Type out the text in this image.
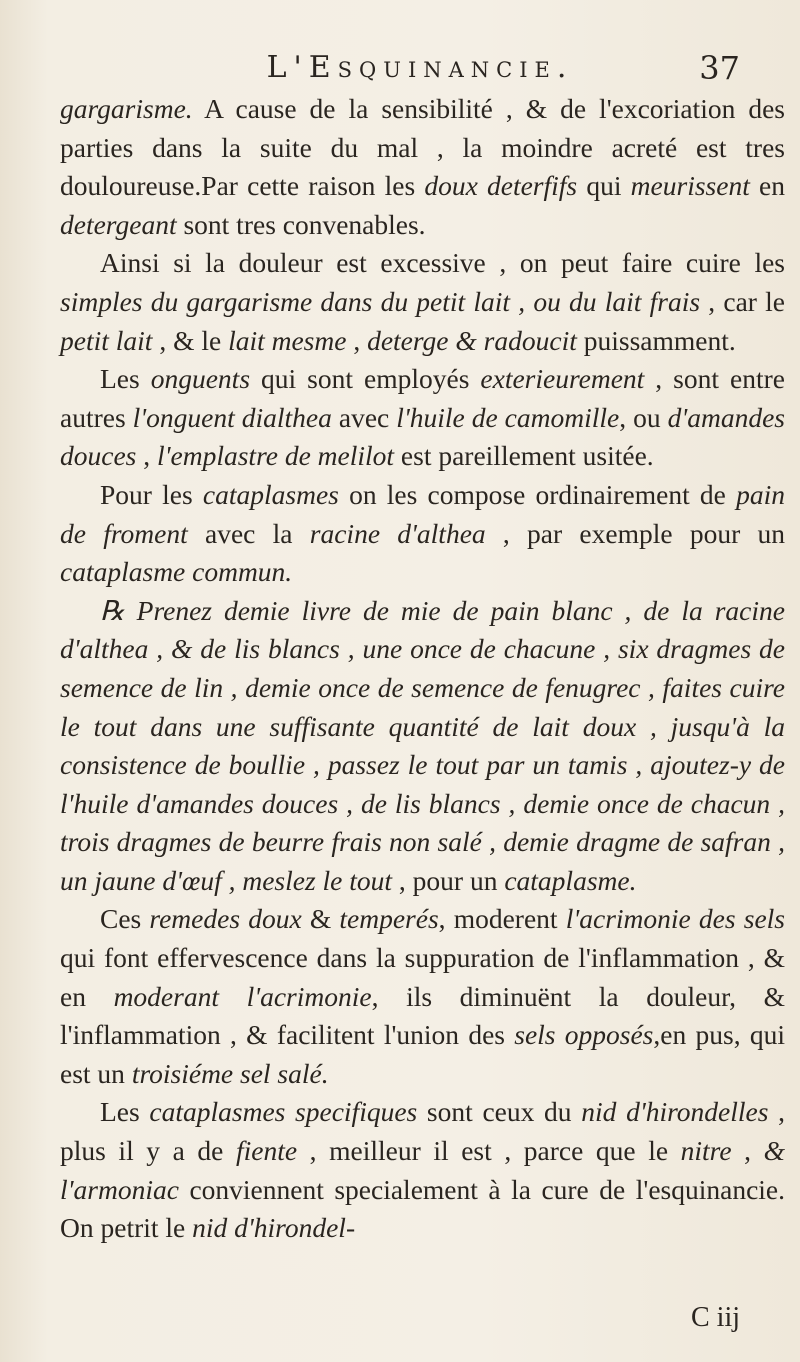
L'Esquinancie.	37

gargarisme. A cause de la sensibilité , & de l'excoriation des parties dans la suite du mal , la moindre acreté est tres douloureuse.Par cette raison les doux deterfifs qui meurissent en detergeant sont tres convenables.

Ainsi si la douleur est excessive , on peut faire cuire les simples du gargarisme dans du petit lait , ou du lait frais , car le petit lait , & le lait mesme , deterge & radoucit puissamment.

Les onguents qui sont employés exterieurement , sont entre autres l'onguent dialthea avec l'huile de camomille, ou d'amandes douces , l'emplastre de melilot est pareillement usitée.

Pour les cataplasmes on les compose ordinairement de pain de froment avec la racine d'althea , par exemple pour un cataplasme commun.

℞ Prenez demie livre de mie de pain blanc , de la racine d'althea , & de lis blancs , une once de chacune , six dragmes de semence de lin , demie once de semence de fenugrec , faites cuire le tout dans une suffisante quantité de lait doux , jusqu'à la consistence de boullie , passez le tout par un tamis , ajoutez-y de l'huile d'amandes douces , de lis blancs , demie once de chacun , trois dragmes de beurre frais non salé , demie dragme de safran , un jaune d'œuf , meslez le tout , pour un cataplasme.

Ces remedes doux & temperés, moderent l'acrimonie des sels qui font effervescence dans la suppuration de l'inflammation , & en moderant l'acrimonie, ils diminuënt la douleur, & l'inflammation , & facilitent l'union des sels opposés,en pus, qui est un troisiéme sel salé.

Les cataplasmes specifiques sont ceux du nid d'hirondelles , plus il y a de fiente , meilleur il est , parce que le nitre , & l'armoniac conviennent specialement à la cure de l'esquinancie. On petrit le nid d'hirondel-

C iij
